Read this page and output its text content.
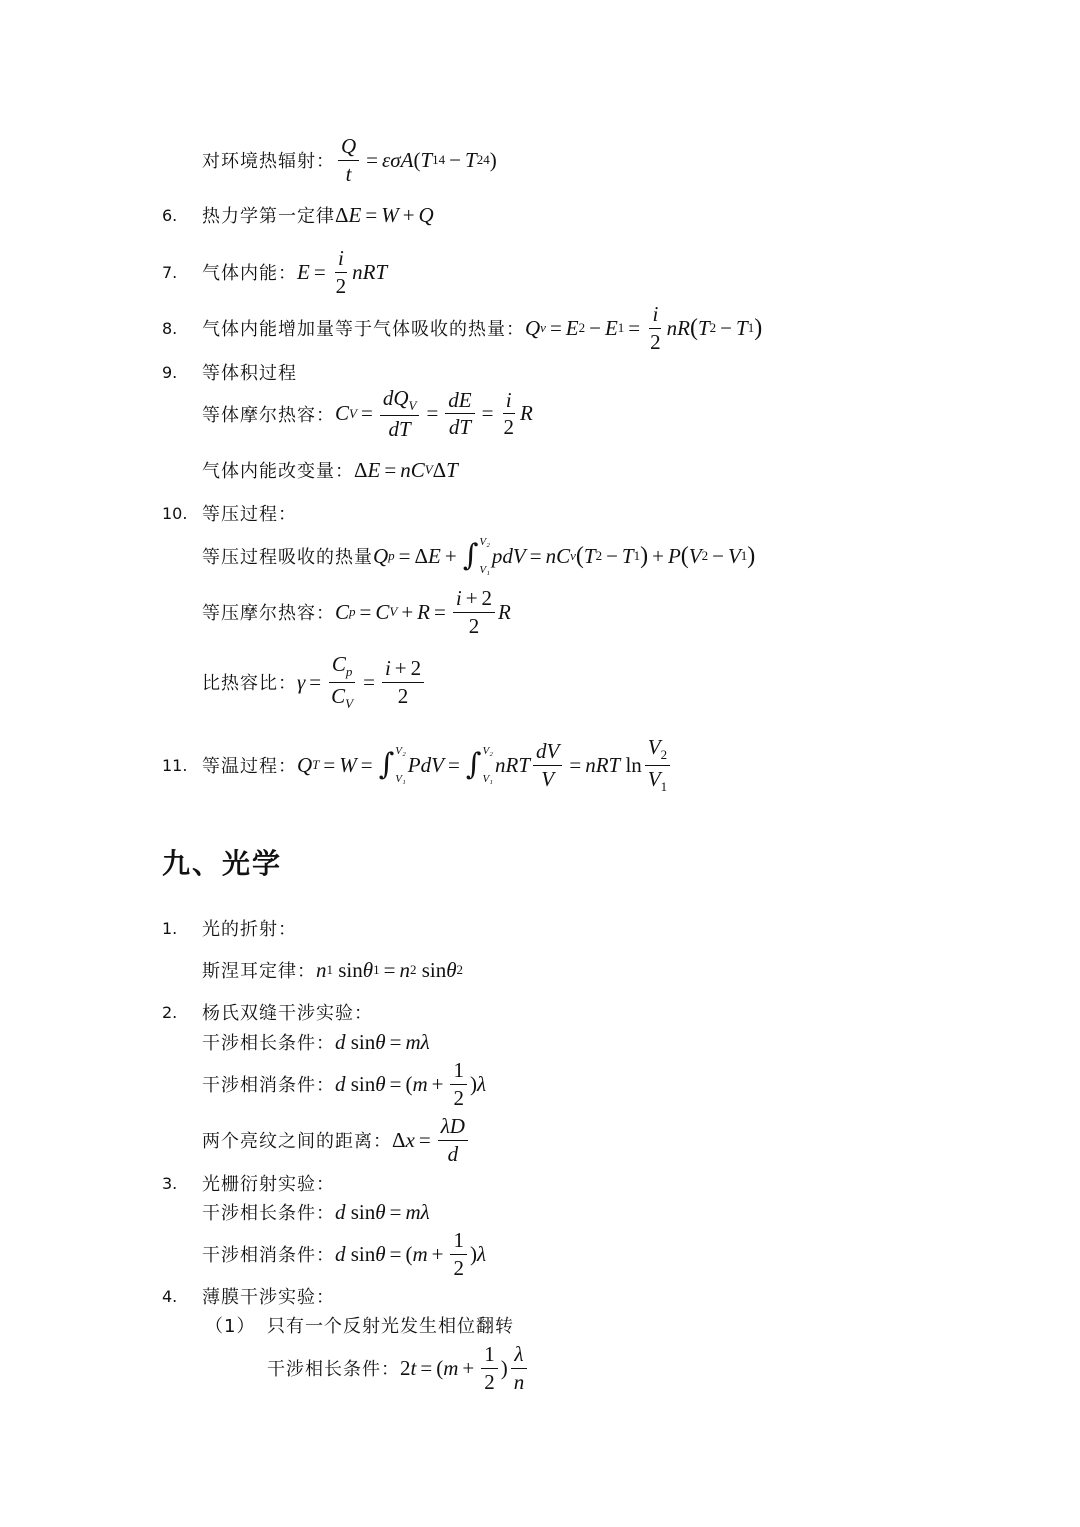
对环境热辐射： $\frac{Q}{t} = \varepsilon\sigma A$ ( T 1 4 − T 2 4 )
6.	热力学第一定律 Δ E = W + Q
7.	气体内能： $E = \frac{i}{2}$ nRT
8.	气体内能增加量等于气体吸收的热量： Q v = E 2 − E $1 = \frac{i}{2}$ nR ( T 2 − T 1 )
9.	等体积过程
等体摩尔热容： C $V = \frac{dQ_V}{dT} = \frac{dE}{dT} = \frac{i}{2}$ R
气体内能改变量： Δ E = nC V Δ T
10. 等压过程：
等压过程吸收的热量 Q p = Δ E + ∫ V₂
V₁
pdV = nC v ( T 2 − T 1 ) + P ( V 2 − V 1 )
等压摩尔热容： C p = C $V + R = \frac{i + 2}{2}$ R
比热容比： $\gamma = \frac{C_p}{C_V} = \frac{i + 2}{2}$
11. 等温过程： Q T = W = ∫ V₂
V₁
PdV = ∫ V₂
V₁
nRT $\frac{dV}{V}$ = nRT $\ln \frac{V_2}{V_1}$
九、光学
1.	光的折射：
斯涅耳定律： n 1 sin θ 1 = n 2 sin θ 2
2.	杨氏双缝干涉实验：
干涉相长条件： d sin θ = mλ
干涉相消条件： d sin θ = ( $m + \frac{1}{2}$ ) λ
两个亮纹之间的距离： Δ $x = \frac{\lambda D}{d}$
3.	光栅衍射实验：
干涉相长条件： d sin θ = mλ
干涉相消条件： d sin θ = ( $m + \frac{1}{2}$ ) λ
4.	薄膜干涉实验：
（1） 只有一个反射光发生相位翻转
干涉相长条件： 2 t = ( $m + \frac{1}{2}$ ) $\frac{\lambda}{n}$
